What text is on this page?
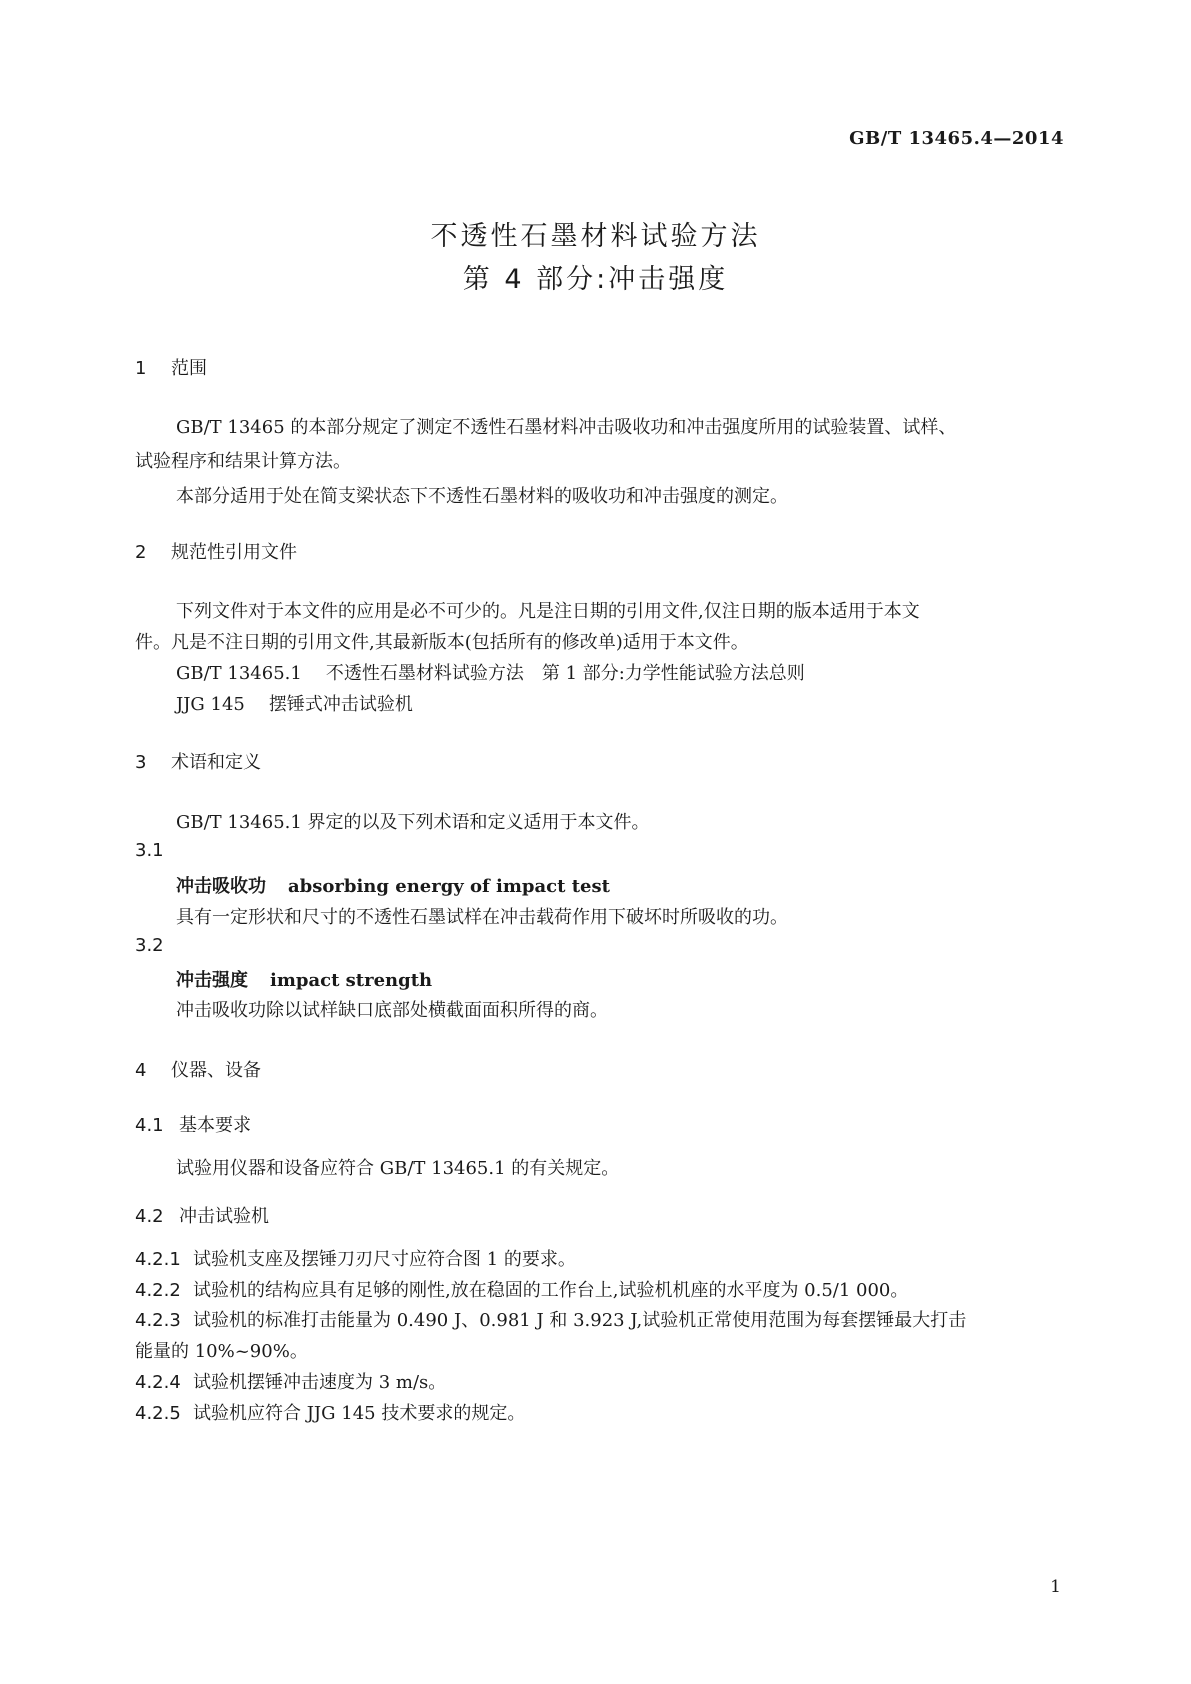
GB/T 13465.4—2014
不透性石墨材料试验方法
第 4 部分:冲击强度
1 范围
GB/T 13465 的本部分规定了测定不透性石墨材料冲击吸收功和冲击强度所用的试验装置、试样、
试验程序和结果计算方法。
本部分适用于处在简支梁状态下不透性石墨材料的吸收功和冲击强度的测定。
2 规范性引用文件
下列文件对于本文件的应用是必不可少的。凡是注日期的引用文件,仅注日期的版本适用于本文
件。凡是不注日期的引用文件,其最新版本(包括所有的修改单)适用于本文件。
GB/T 13465.1 不透性石墨材料试验方法　第 1 部分:力学性能试验方法总则
JJG 145 摆锤式冲击试验机
3 术语和定义
GB/T 13465.1 界定的以及下列术语和定义适用于本文件。
3.1
冲击吸收功 absorbing energy of impact test
具有一定形状和尺寸的不透性石墨试样在冲击载荷作用下破坏时所吸收的功。
3.2
冲击强度 impact strength
冲击吸收功除以试样缺口底部处横截面面积所得的商。
4 仪器、设备
4.1 基本要求
试验用仪器和设备应符合 GB/T 13465.1 的有关规定。
4.2 冲击试验机
4.2.1 试验机支座及摆锤刀刃尺寸应符合图 1 的要求。
4.2.2 试验机的结构应具有足够的刚性,放在稳固的工作台上,试验机机座的水平度为 0.5/1 000。
4.2.3 试验机的标准打击能量为 0.490 J、0.981 J 和 3.923 J,试验机正常使用范围为每套摆锤最大打击
能量的 10%~90%。
4.2.4 试验机摆锤冲击速度为 3 m/s。
4.2.5 试验机应符合 JJG 145 技术要求的规定。
1
